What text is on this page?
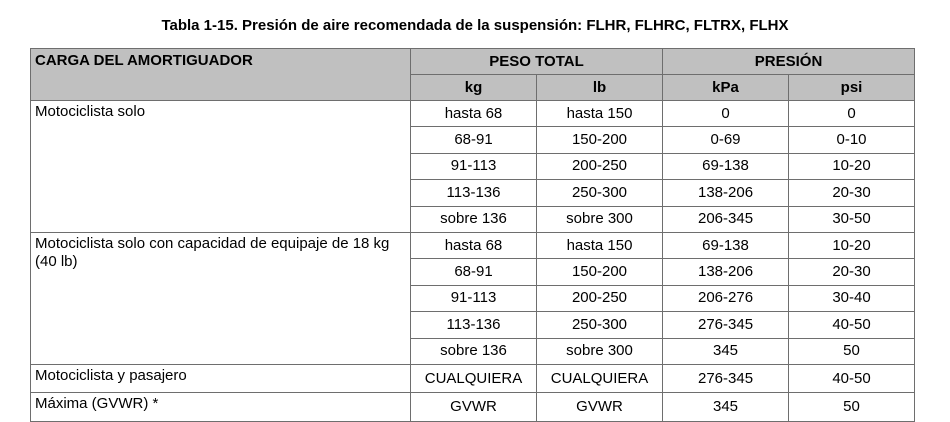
Tabla 1-15. Presión de aire recomendada de la suspensión: FLHR, FLHRC, FLTRX, FLHX
CARGA DEL AMORTIGUADOR	PESO TOTAL		PRESIÓN	
	kg	lb	kPa	psi
Motociclista solo	hasta 68	hasta 150	0	0
	68-91	150-200	0-69	0-10
	91-113	200-250	69-138	10-20
	113-136	250-300	138-206	20-30
	sobre 136	sobre 300	206-345	30-50
Motociclista solo con capacidad de equipaje de 18 kg (40 lb)	hasta 68	hasta 150	69-138	10-20
	68-91	150-200	138-206	20-30
	91-113	200-250	206-276	30-40
	113-136	250-300	276-345	40-50
	sobre 136	sobre 300	345	50
Motociclista y pasajero	CUALQUIERA	CUALQUIERA	276-345	40-50
Máxima (GVWR) *	GVWR	GVWR	345	50
